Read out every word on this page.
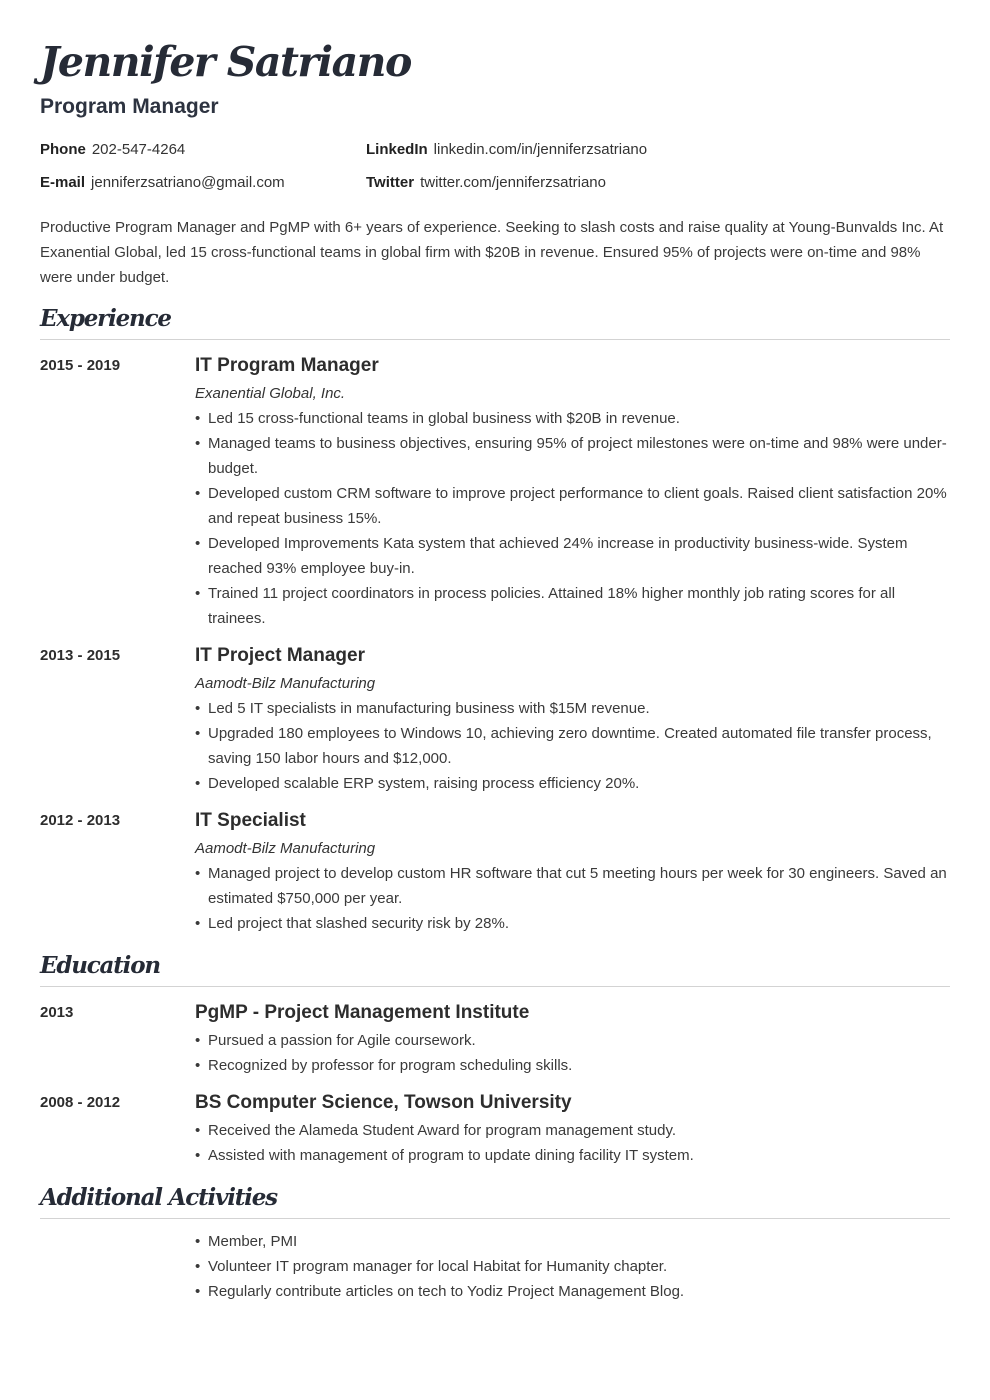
Jennifer Satriano
Program Manager
Phone 202-547-4264	LinkedIn linkedin.com/in/jenniferzsatriano
E-mail jenniferzsatriano@gmail.com	Twitter twitter.com/jenniferzsatriano
Productive Program Manager and PgMP with 6+ years of experience. Seeking to slash costs and raise quality at Young-Bunvalds Inc. At Exanential Global, led 15 cross-functional teams in global firm with $20B in revenue. Ensured 95% of projects were on-time and 98% were under budget.
Experience
2015 - 2019	IT Program Manager
Exanential Global, Inc.
• Led 15 cross-functional teams in global business with $20B in revenue.
• Managed teams to business objectives, ensuring 95% of project milestones were on-time and 98% were under-budget.
• Developed custom CRM software to improve project performance to client goals. Raised client satisfaction 20% and repeat business 15%.
• Developed Improvements Kata system that achieved 24% increase in productivity business-wide. System reached 93% employee buy-in.
• Trained 11 project coordinators in process policies. Attained 18% higher monthly job rating scores for all trainees.
2013 - 2015	IT Project Manager
Aamodt-Bilz Manufacturing
• Led 5 IT specialists in manufacturing business with $15M revenue.
• Upgraded 180 employees to Windows 10, achieving zero downtime. Created automated file transfer process, saving 150 labor hours and $12,000.
• Developed scalable ERP system, raising process efficiency 20%.
2012 - 2013	IT Specialist
Aamodt-Bilz Manufacturing
• Managed project to develop custom HR software that cut 5 meeting hours per week for 30 engineers. Saved an estimated $750,000 per year.
• Led project that slashed security risk by 28%.
Education
2013	PgMP - Project Management Institute
• Pursued a passion for Agile coursework.
• Recognized by professor for program scheduling skills.
2008 - 2012	BS Computer Science, Towson University
• Received the Alameda Student Award for program management study.
• Assisted with management of program to update dining facility IT system.
Additional Activities
• Member, PMI
• Volunteer IT program manager for local Habitat for Humanity chapter.
• Regularly contribute articles on tech to Yodiz Project Management Blog.
